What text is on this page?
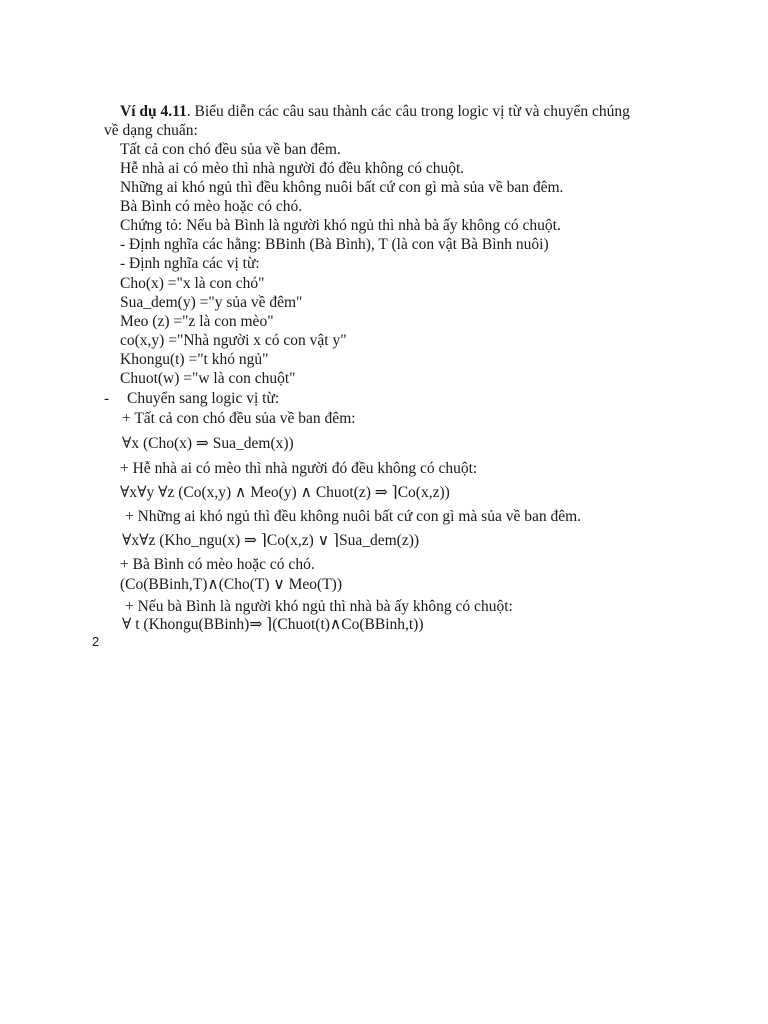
Ví dụ 4.11. Biểu diễn các câu sau thành các câu trong logic vị từ và chuyển chúng
về dạng chuẩn:
Tất cả con chó đều sủa về ban đêm.
Hễ nhà ai có mèo thì nhà người đó đều không có chuột.
Những ai khó ngủ thì đều không nuôi bất cứ con gì mà sủa về ban đêm.
Bà Bình có mèo hoặc có chó.
Chứng tỏ: Nếu bà Bình là người khó ngủ thì nhà bà ấy không có chuột.
- Định nghĩa các hằng: BBinh (Bà Bình), T (là con vật Bà Bình nuôi)
- Định nghĩa các vị từ:
Cho(x) ="x là con chó"
Sua_dem(y) ="y sủa về đêm"
Meo (z) ="z là con mèo"
co(x,y) ="Nhà người x có con vật y"
Khongu(t) ="t khó ngủ"
Chuot(w) ="w là con chuột"
- Chuyển sang logic vị từ:
+ Tất cả con chó đều sủa về ban đêm:
∀x (Cho(x) ⇒ Sua_dem(x))
+ Hễ nhà ai có mèo thì nhà người đó đều không có chuột:
∀x∀y ∀z (Co(x,y) ∧ Meo(y) ∧ Chuot(z) ⇒ ⌉Co(x,z))
+ Những ai khó ngủ thì đều không nuôi bất cứ con gì mà sủa về ban đêm.
∀x∀z (Kho_ngu(x) ⇒ ⌉Co(x,z) ∨ ⌉Sua_dem(z))
+ Bà Bình có mèo hoặc có chó.
(Co(BBinh,T)∧(Cho(T) ∨ Meo(T))
+ Nếu bà Bình là người khó ngủ thì nhà bà ấy không có chuột:
∀ t (Khongu(BBinh)⇒ ⌉(Chuot(t)∧Co(BBinh,t))
2
